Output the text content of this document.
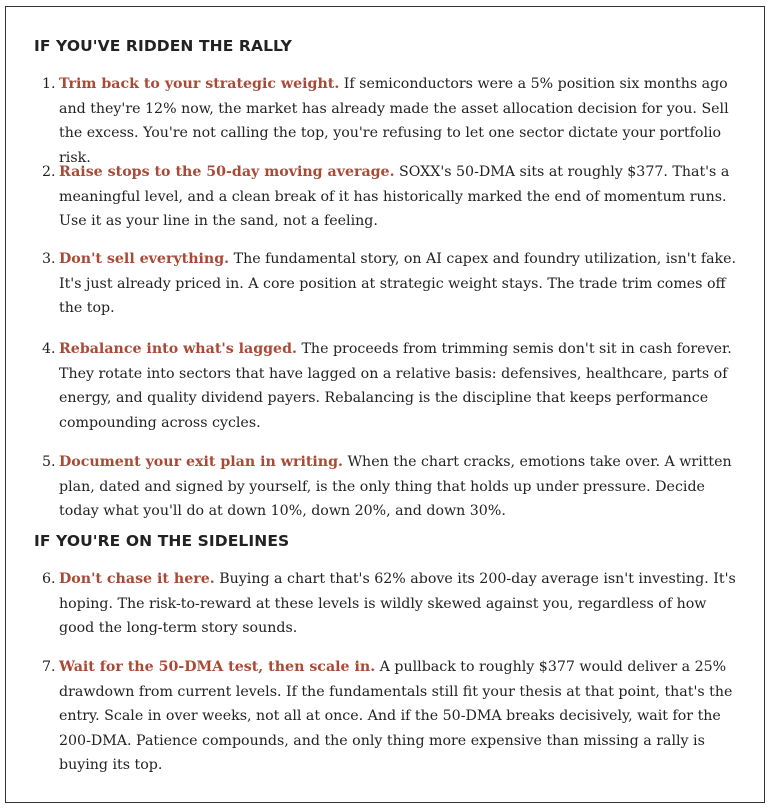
IF YOU'VE RIDDEN THE RALLY

1. Trim back to your strategic weight. If semiconductors were a 5% position six months ago and they're 12% now, the market has already made the asset allocation decision for you. Sell the excess. You're not calling the top, you're refusing to let one sector dictate your portfolio risk.

2. Raise stops to the 50-day moving average. SOXX's 50-DMA sits at roughly $377. That's a meaningful level, and a clean break of it has historically marked the end of momentum runs. Use it as your line in the sand, not a feeling.

3. Don't sell everything. The fundamental story, on AI capex and foundry utilization, isn't fake. It's just already priced in. A core position at strategic weight stays. The trade trim comes off the top.

4. Rebalance into what's lagged. The proceeds from trimming semis don't sit in cash forever. They rotate into sectors that have lagged on a relative basis: defensives, healthcare, parts of energy, and quality dividend payers. Rebalancing is the discipline that keeps performance compounding across cycles.

5. Document your exit plan in writing. When the chart cracks, emotions take over. A written plan, dated and signed by yourself, is the only thing that holds up under pressure. Decide today what you'll do at down 10%, down 20%, and down 30%.

IF YOU'RE ON THE SIDELINES

6. Don't chase it here. Buying a chart that's 62% above its 200-day average isn't investing. It's hoping. The risk-to-reward at these levels is wildly skewed against you, regardless of how good the long-term story sounds.

7. Wait for the 50-DMA test, then scale in. A pullback to roughly $377 would deliver a 25% drawdown from current levels. If the fundamentals still fit your thesis at that point, that's the entry. Scale in over weeks, not all at once. And if the 50-DMA breaks decisively, wait for the 200-DMA. Patience compounds, and the only thing more expensive than missing a rally is buying its top.
